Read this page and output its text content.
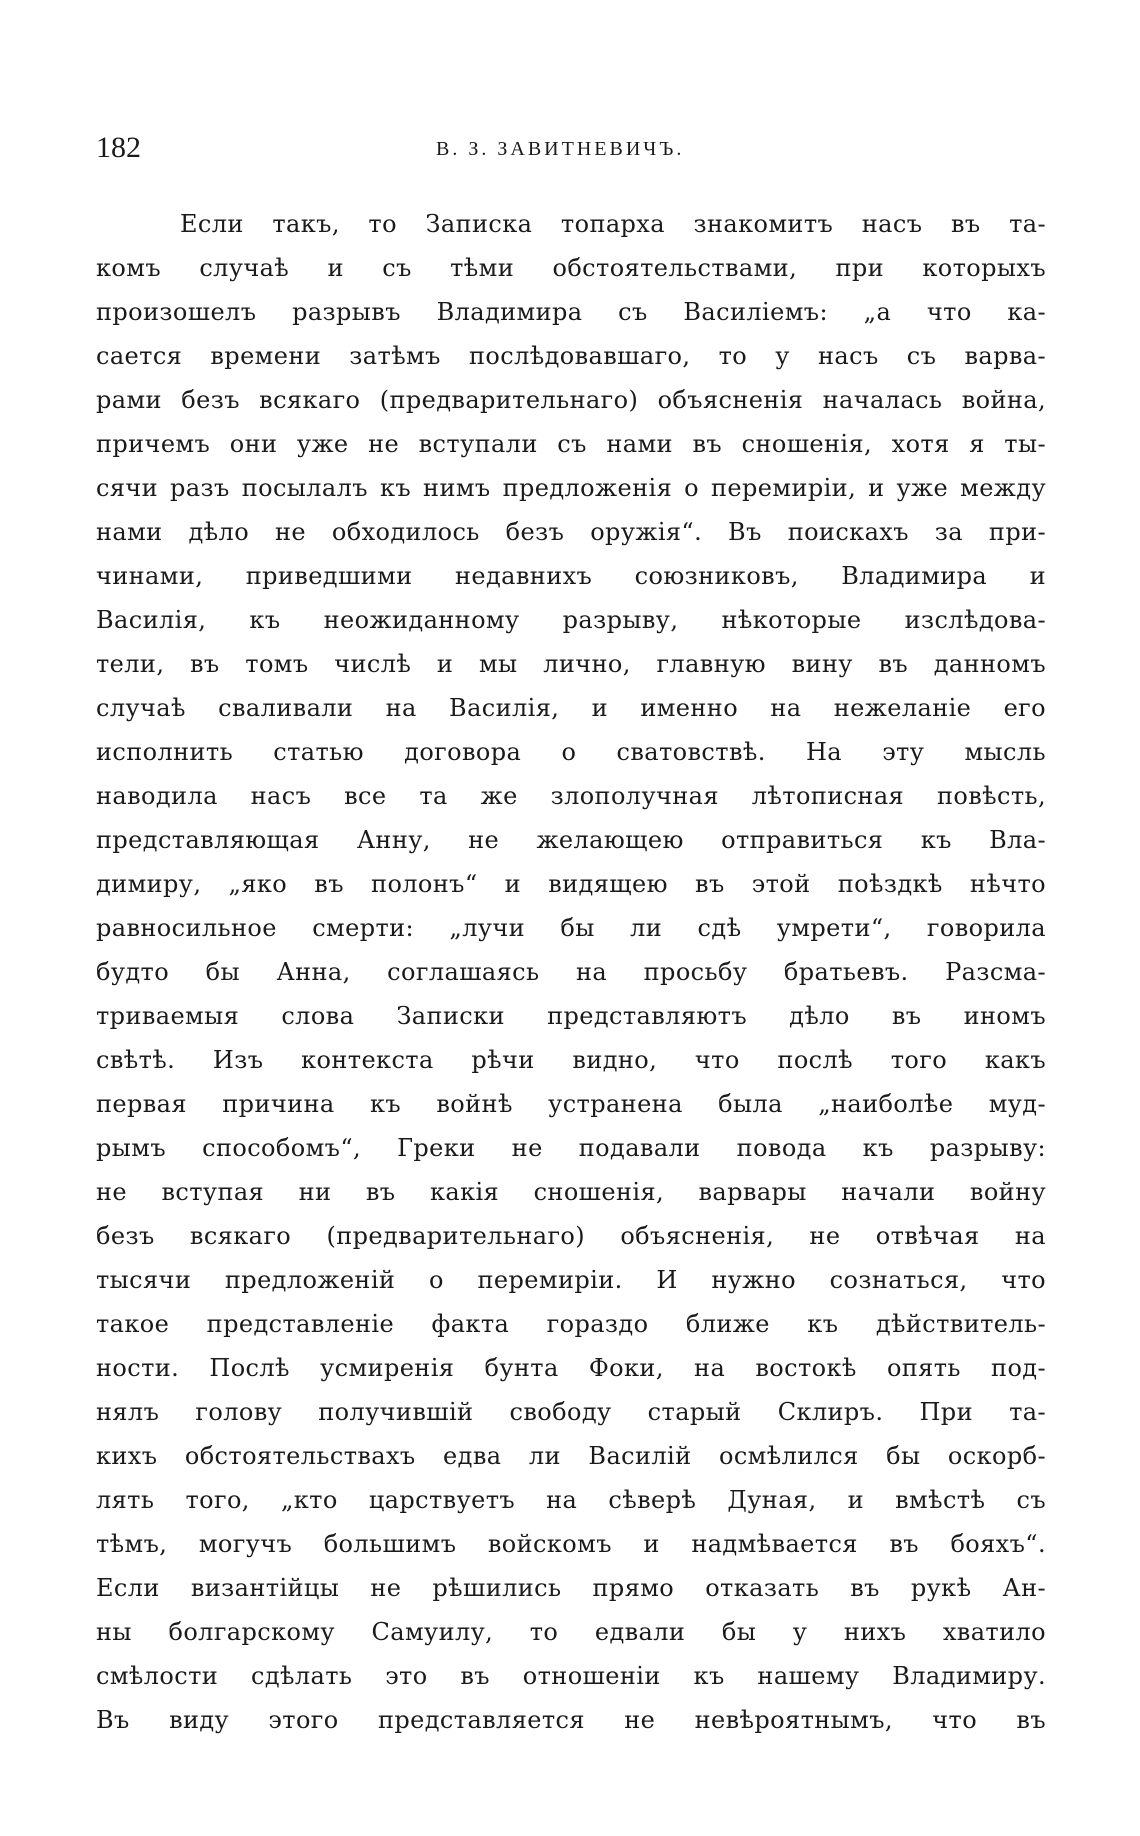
182	В. З. ЗАВИТНЕВИЧЪ.
Если такъ, то Записка топарха знакомитъ насъ въ та-
комъ случаѣ и съ тѣми обстоятельствами, при которыхъ
произошелъ разрывъ Владимира съ Василіемъ: „а что ка-
сается времени затѣмъ послѣдовавшаго, то у насъ съ варва-
рами безъ всякаго (предварительнаго) объясненія началась война,
причемъ они уже не вступали съ нами въ сношенія, хотя я ты-
сячи разъ посылалъ къ нимъ предложенія о перемиріи, и уже между
нами дѣло не обходилось безъ оружія“. Въ поискахъ за при-
чинами, приведшими недавнихъ союзниковъ, Владимира и
Василія, къ неожиданному разрыву, нѣкоторые изслѣдова-
тели, въ томъ числѣ и мы лично, главную вину въ данномъ
случаѣ сваливали на Василія, и именно на нежеланіе его
исполнить статью договора о сватовствѣ. На эту мысль
наводила насъ все та же злополучная лѣтописная повѣсть,
представляющая Анну, не желающею отправиться къ Вла-
димиру, „яко въ полонъ“ и видящею въ этой поѣздкѣ нѣчто
равносильное смерти: „лучи бы ли сдѣ умрети“, говорила
будто бы Анна, соглашаясь на просьбу братьевъ. Разсма-
триваемыя слова Записки представляютъ дѣло въ иномъ
свѣтѣ. Изъ контекста рѣчи видно, что послѣ того какъ
первая причина къ войнѣ устранена была „наиболѣе муд-
рымъ способомъ“, Греки не подавали повода къ разрыву:
не вступая ни въ какія сношенія, варвары начали войну
безъ всякаго (предварительнаго) объясненія, не отвѣчая на
тысячи предложеній о перемиріи. И нужно сознаться, что
такое представленіе факта гораздо ближе къ дѣйствитель-
ности. Послѣ усмиренія бунта Фоки, на востокѣ опять под-
нялъ голову получившій свободу старый Склиръ. При та-
кихъ обстоятельствахъ едва ли Василій осмѣлился бы оскорб-
лять того, „кто царствуетъ на сѣверѣ Дуная, и вмѣстѣ съ
тѣмъ, могучъ большимъ войскомъ и надмѣвается въ бояхъ“.
Если византійцы не рѣшились прямо отказать въ рукѣ Ан-
ны болгарскому Самуилу, то едвали бы у нихъ хватило
смѣлости сдѣлать это въ отношеніи къ нашему Владимиру.
Въ виду этого представляется не невѣроятнымъ, что въ
